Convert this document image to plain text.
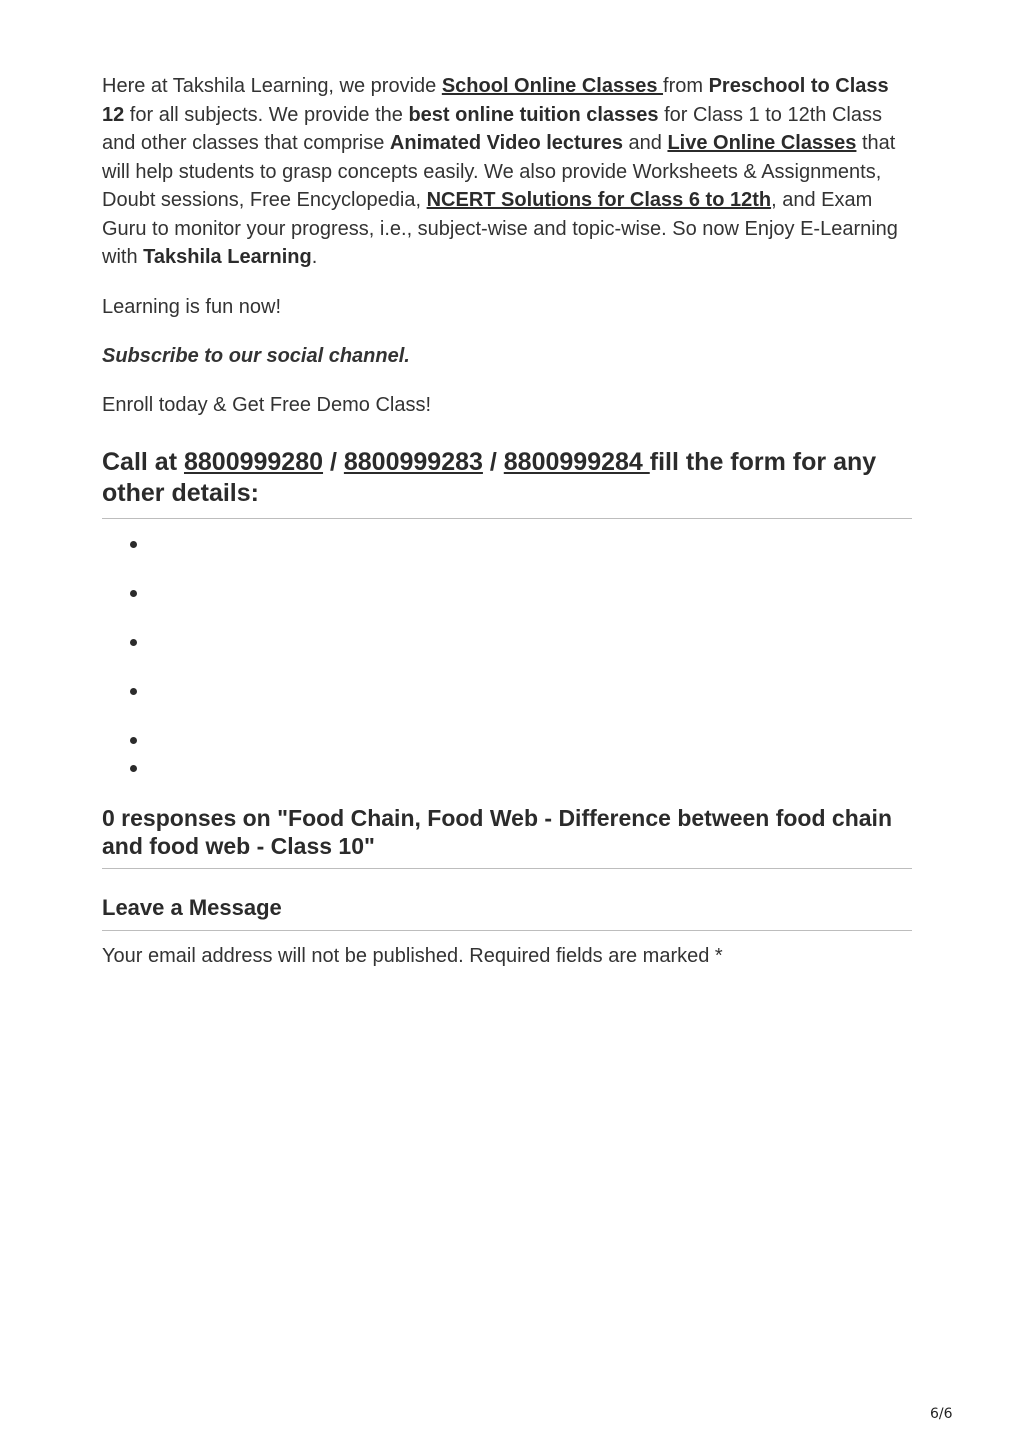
Here at Takshila Learning, we provide School Online Classes from Preschool to Class 12 for all subjects. We provide the best online tuition classes for Class 1 to 12th Class and other classes that comprise Animated Video lectures and Live Online Classes that will help students to grasp concepts easily. We also provide Worksheets & Assignments, Doubt sessions, Free Encyclopedia, NCERT Solutions for Class 6 to 12th, and Exam Guru to monitor your progress, i.e., subject-wise and topic-wise. So now Enjoy E-Learning with Takshila Learning.

Learning is fun now!

Subscribe to our social channel.

Enroll today & Get Free Demo Class!

Call at 8800999280 / 8800999283 / 8800999284 fill the form for any other details:
0 responses on "Food Chain, Food Web - Difference between food chain and food web - Class 10"
Leave a Message

Your email address will not be published. Required fields are marked *

6/6
